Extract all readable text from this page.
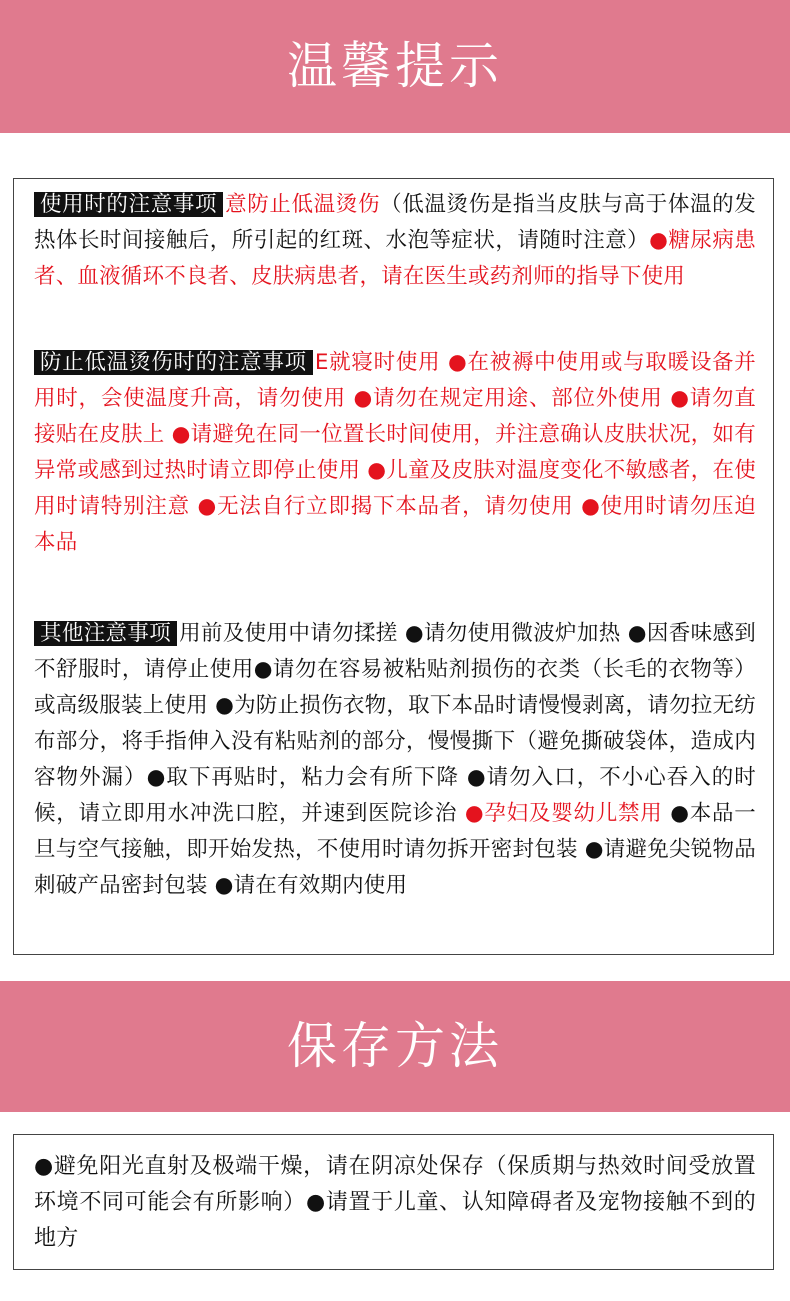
温馨提示
使用时的注意事项 意防止低温烫伤（低温烫伤是指当皮肤与高于体温的发热体长时间接触后，所引起的红斑、水泡等症状，请随时注意）●糖尿病患者、血液循环不良者、皮肤病患者，请在医生或药剂师的指导下使用
防止低温烫伤时的注意事项 E就寝时使用 ●在被褥中使用或与取暖设备并用时，会使温度升高，请勿使用 ●请勿在规定用途、部位外使用 ●请勿直接贴在皮肤上 ●请避免在同一位置长时间使用，并注意确认皮肤状况，如有异常或感到过热时请立即停止使用 ●儿童及皮肤对温度变化不敏感者，在使用时请特别注意 ●无法自行立即揭下本品者，请勿使用 ●使用时请勿压迫本品
其他注意事项 用前及使用中请勿揉搓 ●请勿使用微波炉加热 ●因香味感到不舒服时，请停止使用●请勿在容易被粘贴剂损伤的衣类（长毛的衣物等）或高级服装上使用 ●为防止损伤衣物，取下本品时请慢慢剥离，请勿拉无纺布部分，将手指伸入没有粘贴剂的部分，慢慢撕下（避免撕破袋体，造成内容物外漏）●取下再贴时，粘力会有所下降 ●请勿入口，不小心吞入的时候，请立即用水冲洗口腔，并速到医院诊治 ●孕妇及婴幼儿禁用 ●本品一旦与空气接触，即开始发热，不使用时请勿拆开密封包装 ●请避免尖锐物品刺破产品密封包装 ●请在有效期内使用
保存方法
●避免阳光直射及极端干燥，请在阴凉处保存（保质期与热效时间受放置环境不同可能会有所影响）●请置于儿童、认知障碍者及宠物接触不到的地方
